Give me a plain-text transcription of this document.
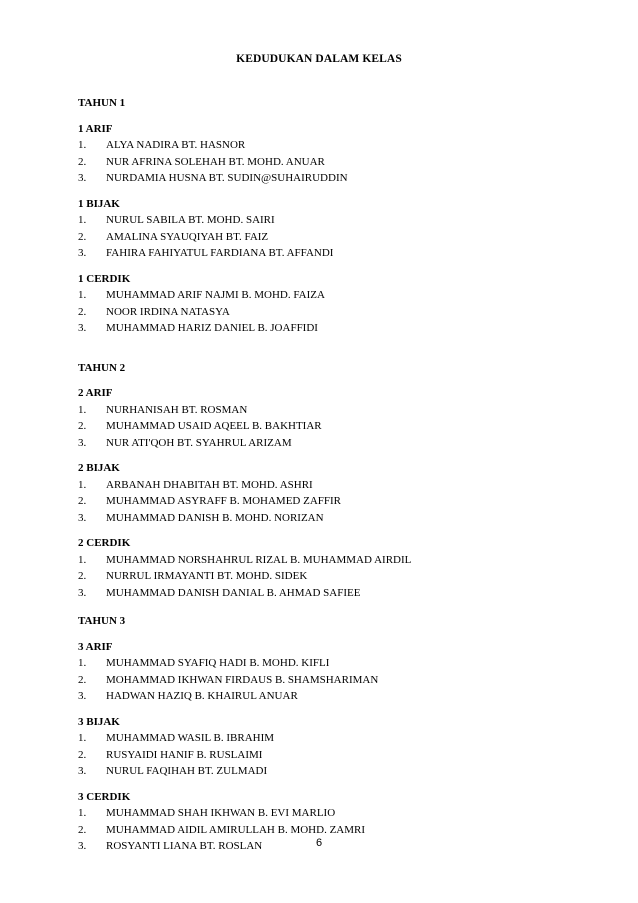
KEDUDUKAN DALAM KELAS
TAHUN 1
1 ARIF
1. ALYA NADIRA BT. HASNOR
2. NUR AFRINA SOLEHAH BT. MOHD. ANUAR
3. NURDAMIA HUSNA BT. SUDIN@SUHAIRUDDIN
1 BIJAK
1. NURUL SABILA BT. MOHD. SAIRI
2. AMALINA SYAUQIYAH BT. FAIZ
3. FAHIRA FAHIYATUL FARDIANA BT. AFFANDI
1 CERDIK
1. MUHAMMAD ARIF NAJMI B. MOHD. FAIZA
2. NOOR IRDINA NATASYA
3. MUHAMMAD HARIZ DANIEL B. JOAFFIDI
TAHUN 2
2 ARIF
1. NURHANISAH BT. ROSMAN
2. MUHAMMAD USAID AQEEL B. BAKHTIAR
3. NUR ATI'QOH BT. SYAHRUL ARIZAM
2 BIJAK
1. ARBANAH DHABITAH BT. MOHD. ASHRI
2. MUHAMMAD ASYRAFF B. MOHAMED ZAFFIR
3. MUHAMMAD DANISH B. MOHD. NORIZAN
2 CERDIK
1. MUHAMMAD NORSHAHRUL RIZAL B. MUHAMMAD AIRDIL
2. NURRUL IRMAYANTI BT. MOHD. SIDEK
3. MUHAMMAD DANISH DANIAL B. AHMAD SAFIEE
TAHUN 3
3 ARIF
1. MUHAMMAD SYAFIQ HADI B. MOHD. KIFLI
2. MOHAMMAD IKHWAN FIRDAUS B. SHAMSHARIMAN
3. HADWAN HAZIQ B. KHAIRUL ANUAR
3 BIJAK
1. MUHAMMAD WASIL B. IBRAHIM
2. RUSYAIDI HANIF B. RUSLAIMI
3. NURUL FAQIHAH BT. ZULMADI
3 CERDIK
1. MUHAMMAD SHAH IKHWAN B. EVI MARLIO
2. MUHAMMAD AIDIL AMIRULLAH B. MOHD. ZAMRI
3. ROSYANTI LIANA BT. ROSLAN	6
